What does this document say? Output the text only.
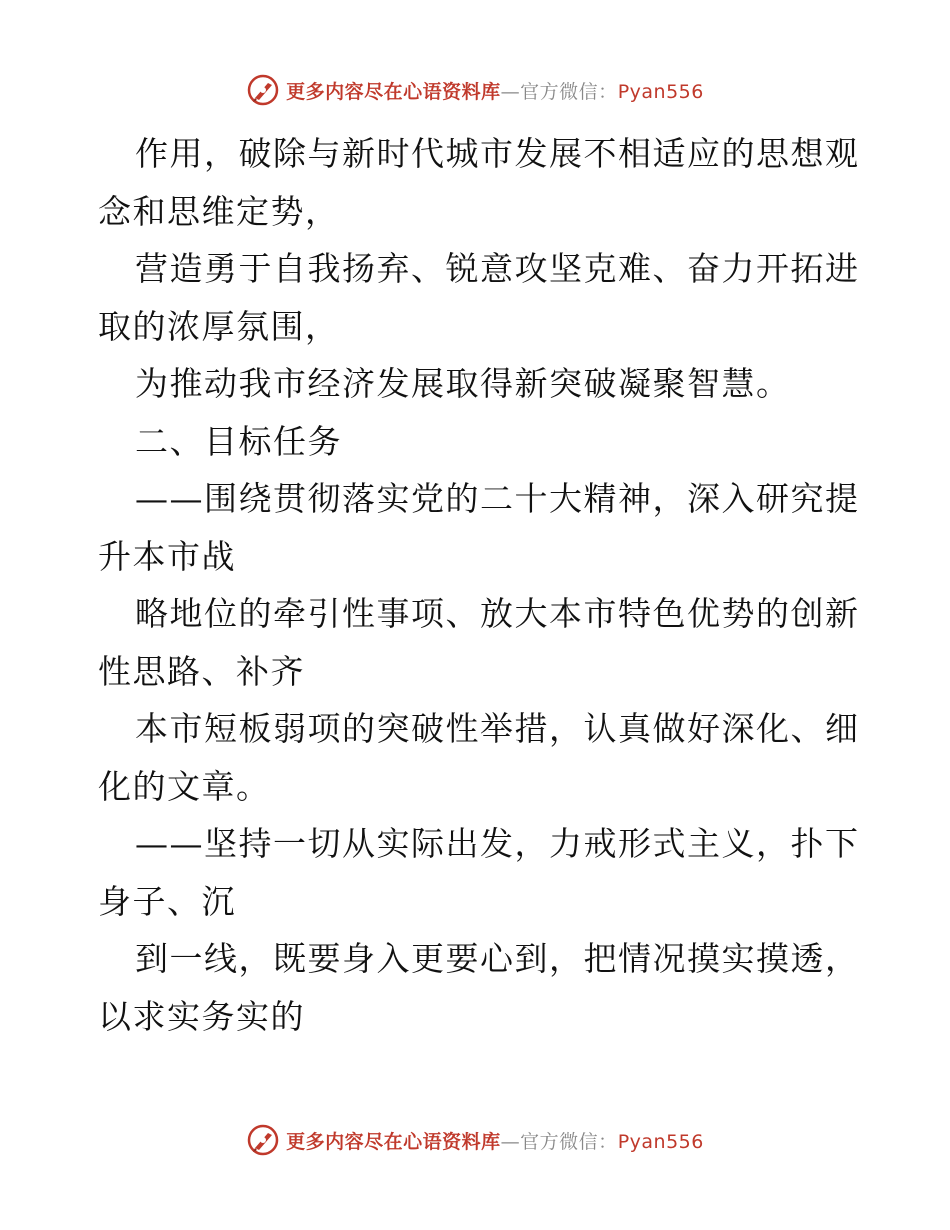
更多内容尽在心语资料库—官方微信：Pyan556
作用，破除与新时代城市发展不相适应的思想观
念和思维定势，
营造勇于自我扬弃、锐意攻坚克难、奋力开拓进
取的浓厚氛围，
为推动我市经济发展取得新突破凝聚智慧。
二、目标任务
——围绕贯彻落实党的二十大精神，深入研究提
升本市战
略地位的牵引性事项、放大本市特色优势的创新
性思路、补齐
本市短板弱项的突破性举措，认真做好深化、细
化的文章。
——坚持一切从实际出发，力戒形式主义，扑下
身子、沉
到一线，既要身入更要心到，把情况摸实摸透，
以求实务实的
更多内容尽在心语资料库—官方微信：Pyan556
